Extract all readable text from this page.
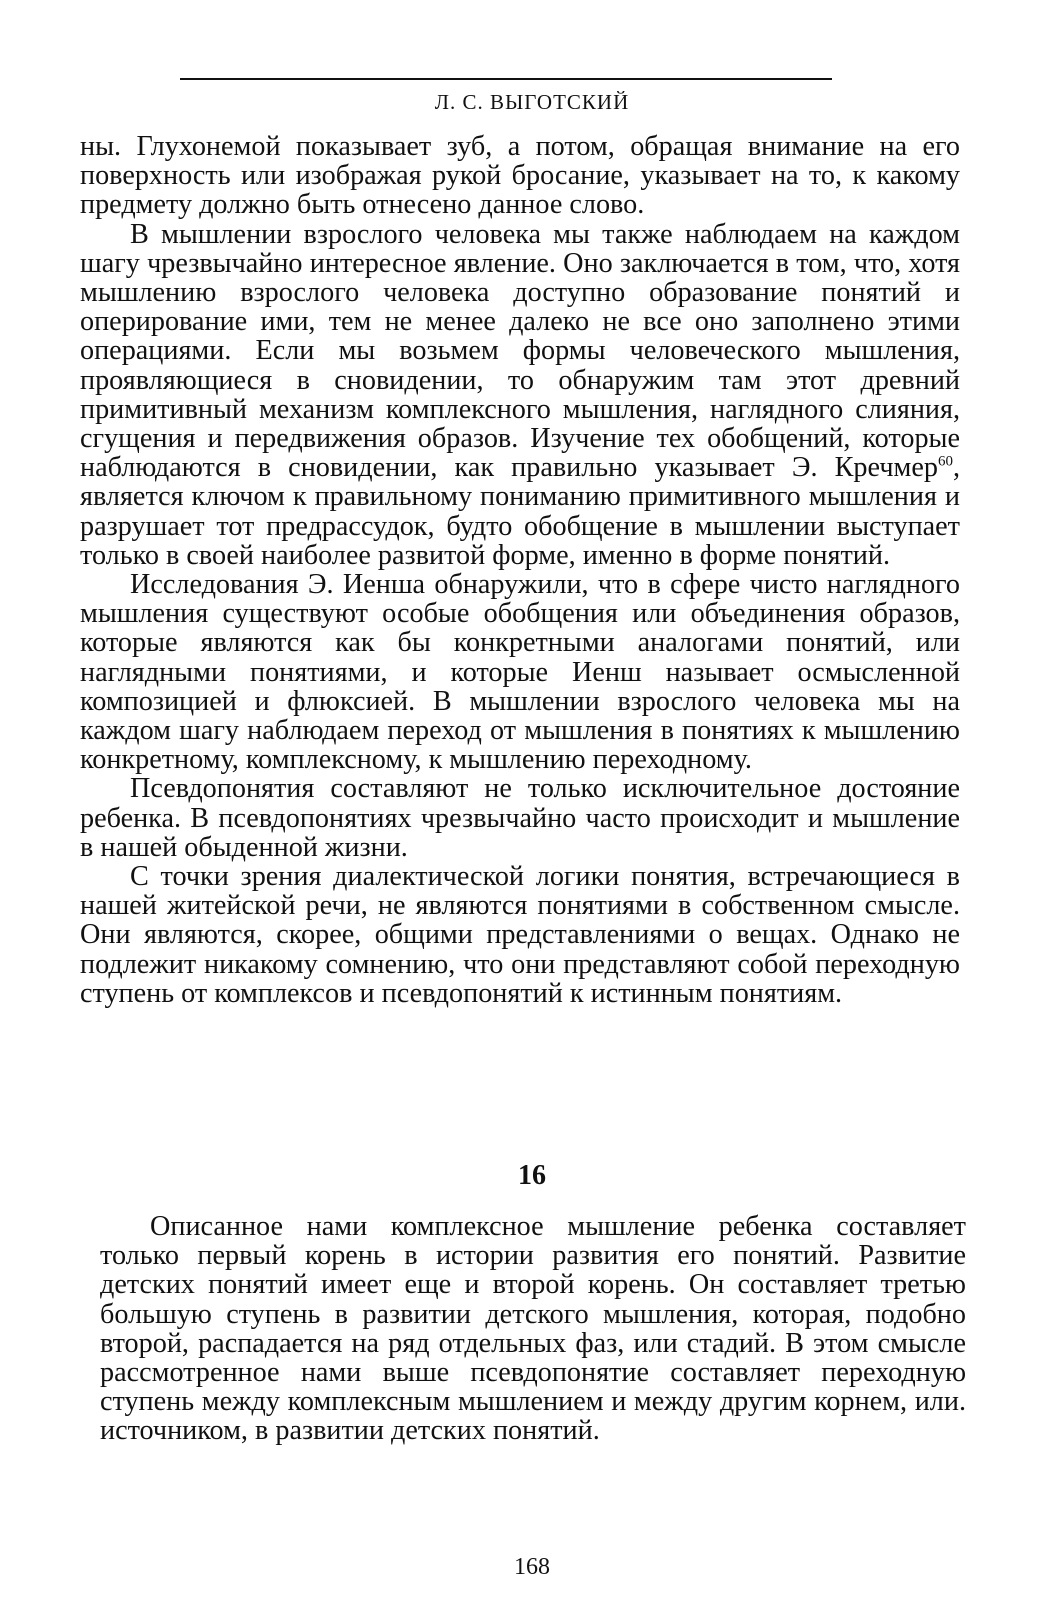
Л. С. ВЫГОТСКИЙ

ны. Глухонемой показывает зуб, а потом, обращая внимание на его поверхность или изображая рукой бросание, указывает на то, к какому предмету должно быть отнесено данное слово.

В мышлении взрослого человека мы также наблюдаем на каждом шагу чрезвычайно интересное явление. Оно заключается в том, что, хотя мышлению взрослого человека доступно образование понятий и оперирование ими, тем не менее далеко не все оно заполнено этими операциями. Если мы возьмем формы человеческого мышления, проявляющиеся в сновидении, то обнаружим там этот древний примитивный механизм комплексного мышления, наглядного слияния, сгущения и передвижения образов. Изучение тех обобщений, которые наблюдаются в сновидении, как правильно указывает Э. Кречмер$^{60}$, является ключом к правильному пониманию примитивного мышления и разрушает тот предрассудок, будто обобщение в мышлении выступает только в своей наиболее развитой форме, именно в форме понятий.

Исследования Э. Иенша обнаружили, что в сфере чисто наглядного мышления существуют особые обобщения или объединения образов, которые являются как бы конкретными аналогами понятий, или наглядными понятиями, и которые Иенш называет осмысленной композицией и флюксией. В мышлении взрослого человека мы на каждом шагу наблюдаем переход от мышления в понятиях к мышлению конкретному, комплексному, к мышлению переходному.

Псевдопонятия составляют не только исключительное достояние ребенка. В псевдопонятиях чрезвычайно часто происходит и мышление в нашей обыденной жизни.

С точки зрения диалектической логики понятия, встречающиеся в нашей житейской речи, не являются понятиями в собственном смысле. Они являются, скорее, общими представлениями о вещах. Однако не подлежит никакому сомнению, что они представляют собой переходную ступень от комплексов и псевдопонятий к истинным понятиям.

16

Описанное нами комплексное мышление ребенка составляет только первый корень в истории развития его понятий. Развитие детских понятий имеет еще и второй корень. Он составляет третью большую ступень в развитии детского мышления, которая, подобно второй, распадается на ряд отдельных фаз, или стадий. В этом смысле рассмотренное нами выше псевдопонятие составляет переходную ступень между комплексным мышлением и между другим корнем, или. источником, в развитии детских понятий.

168
